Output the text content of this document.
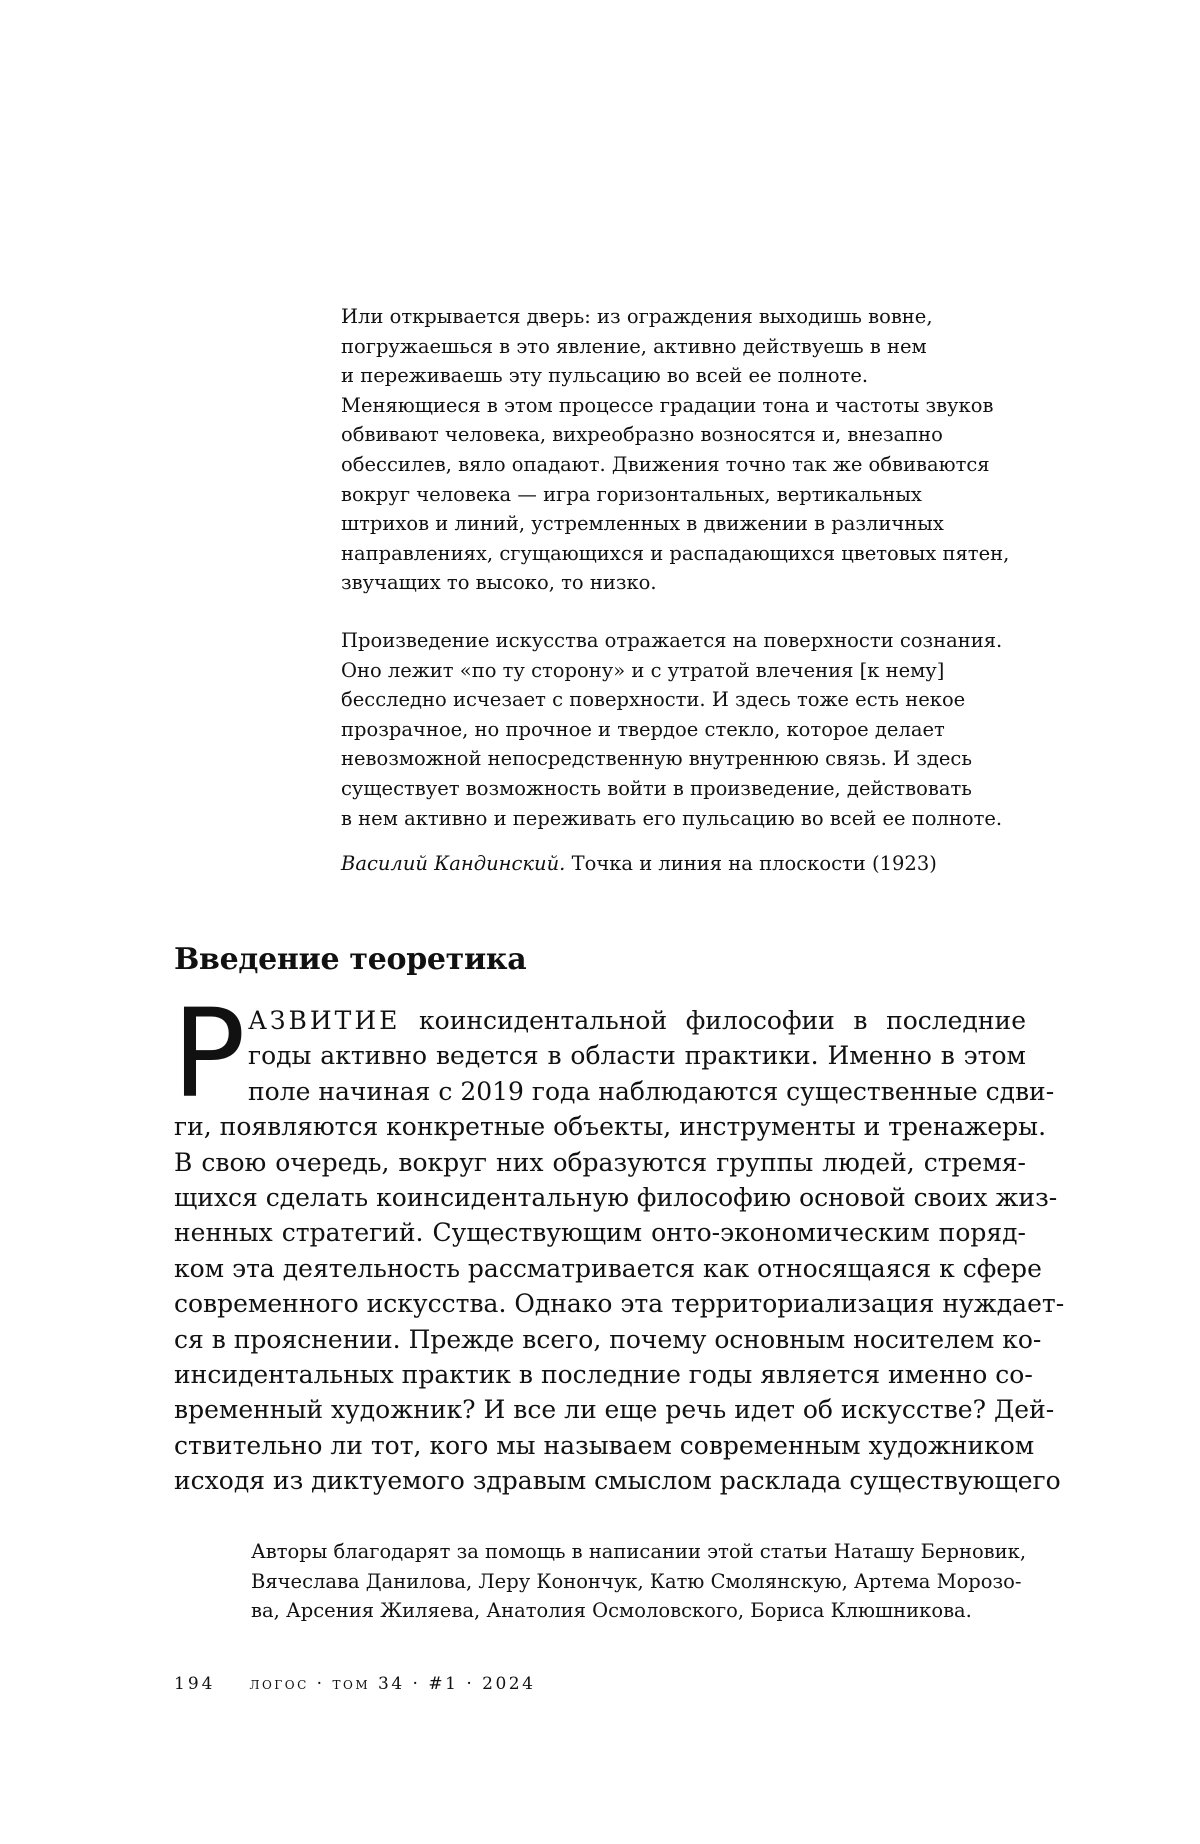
Или открывается дверь: из ограждения выходишь вовне,

погружаешься в это явление, активно действуешь в нем

и переживаешь эту пульсацию во всей ее полноте.

Меняющиеся в этом процессе градации тона и частоты звуков

обвивают человека, вихреобразно возносятся и, внезапно

обессилев, вяло опадают. Движения точно так же обвиваются

вокруг человека — игра горизонтальных, вертикальных

штрихов и линий, устремленных в движении в различных

направлениях, сгущающихся и распадающихся цветовых пятен,

звучащих то высоко, то низко.

Произведение искусства отражается на поверхности сознания.

Оно лежит «по ту сторону» и с утратой влечения [к нему]

бесследно исчезает с поверхности. И здесь тоже есть некое

прозрачное, но прочное и твердое стекло, которое делает

невозможной непосредственную внутреннюю связь. И здесь

существует возможность войти в произведение, действовать

в нем активно и переживать его пульсацию во всей ее полноте.

Василий Кандинский. Точка и линия на плоскости (1923)

Введение теоретика
Р АЗВИТИЕ коинсидентальной философии в последние
годы активно ведется в области практики. Именно в этом
поле начиная с 2019 года наблюдаются существенные сдви-
ги, появляются конкретные объекты, инструменты и тренажеры.
В свою очередь, вокруг них образуются группы людей, стремя-
щихся сделать коинсидентальную философию основой своих жиз-
ненных стратегий. Существующим онто-экономическим поряд-
ком эта деятельность рассматривается как относящаяся к сфере
современного искусства. Однако эта территориализация нуждает-
ся в прояснении. Прежде всего, почему основным носителем ко-
инсидентальных практик в последние годы является именно со-
временный художник? И все ли еще речь идет об искусстве? Дей-
ствительно ли тот, кого мы называем современным художником
исходя из диктуемого здравым смыслом расклада существующего
Авторы благодарят за помощь в написании этой статьи Наташу Берновик,
Вячеслава Данилова, Леру Конончук, Катю Смолянскую, Артема Морозо-
ва, Арсения Жиляева, Анатолия Осмоловского, Бориса Клюшникова.
194 логос · том 34 · #1 · 2024
